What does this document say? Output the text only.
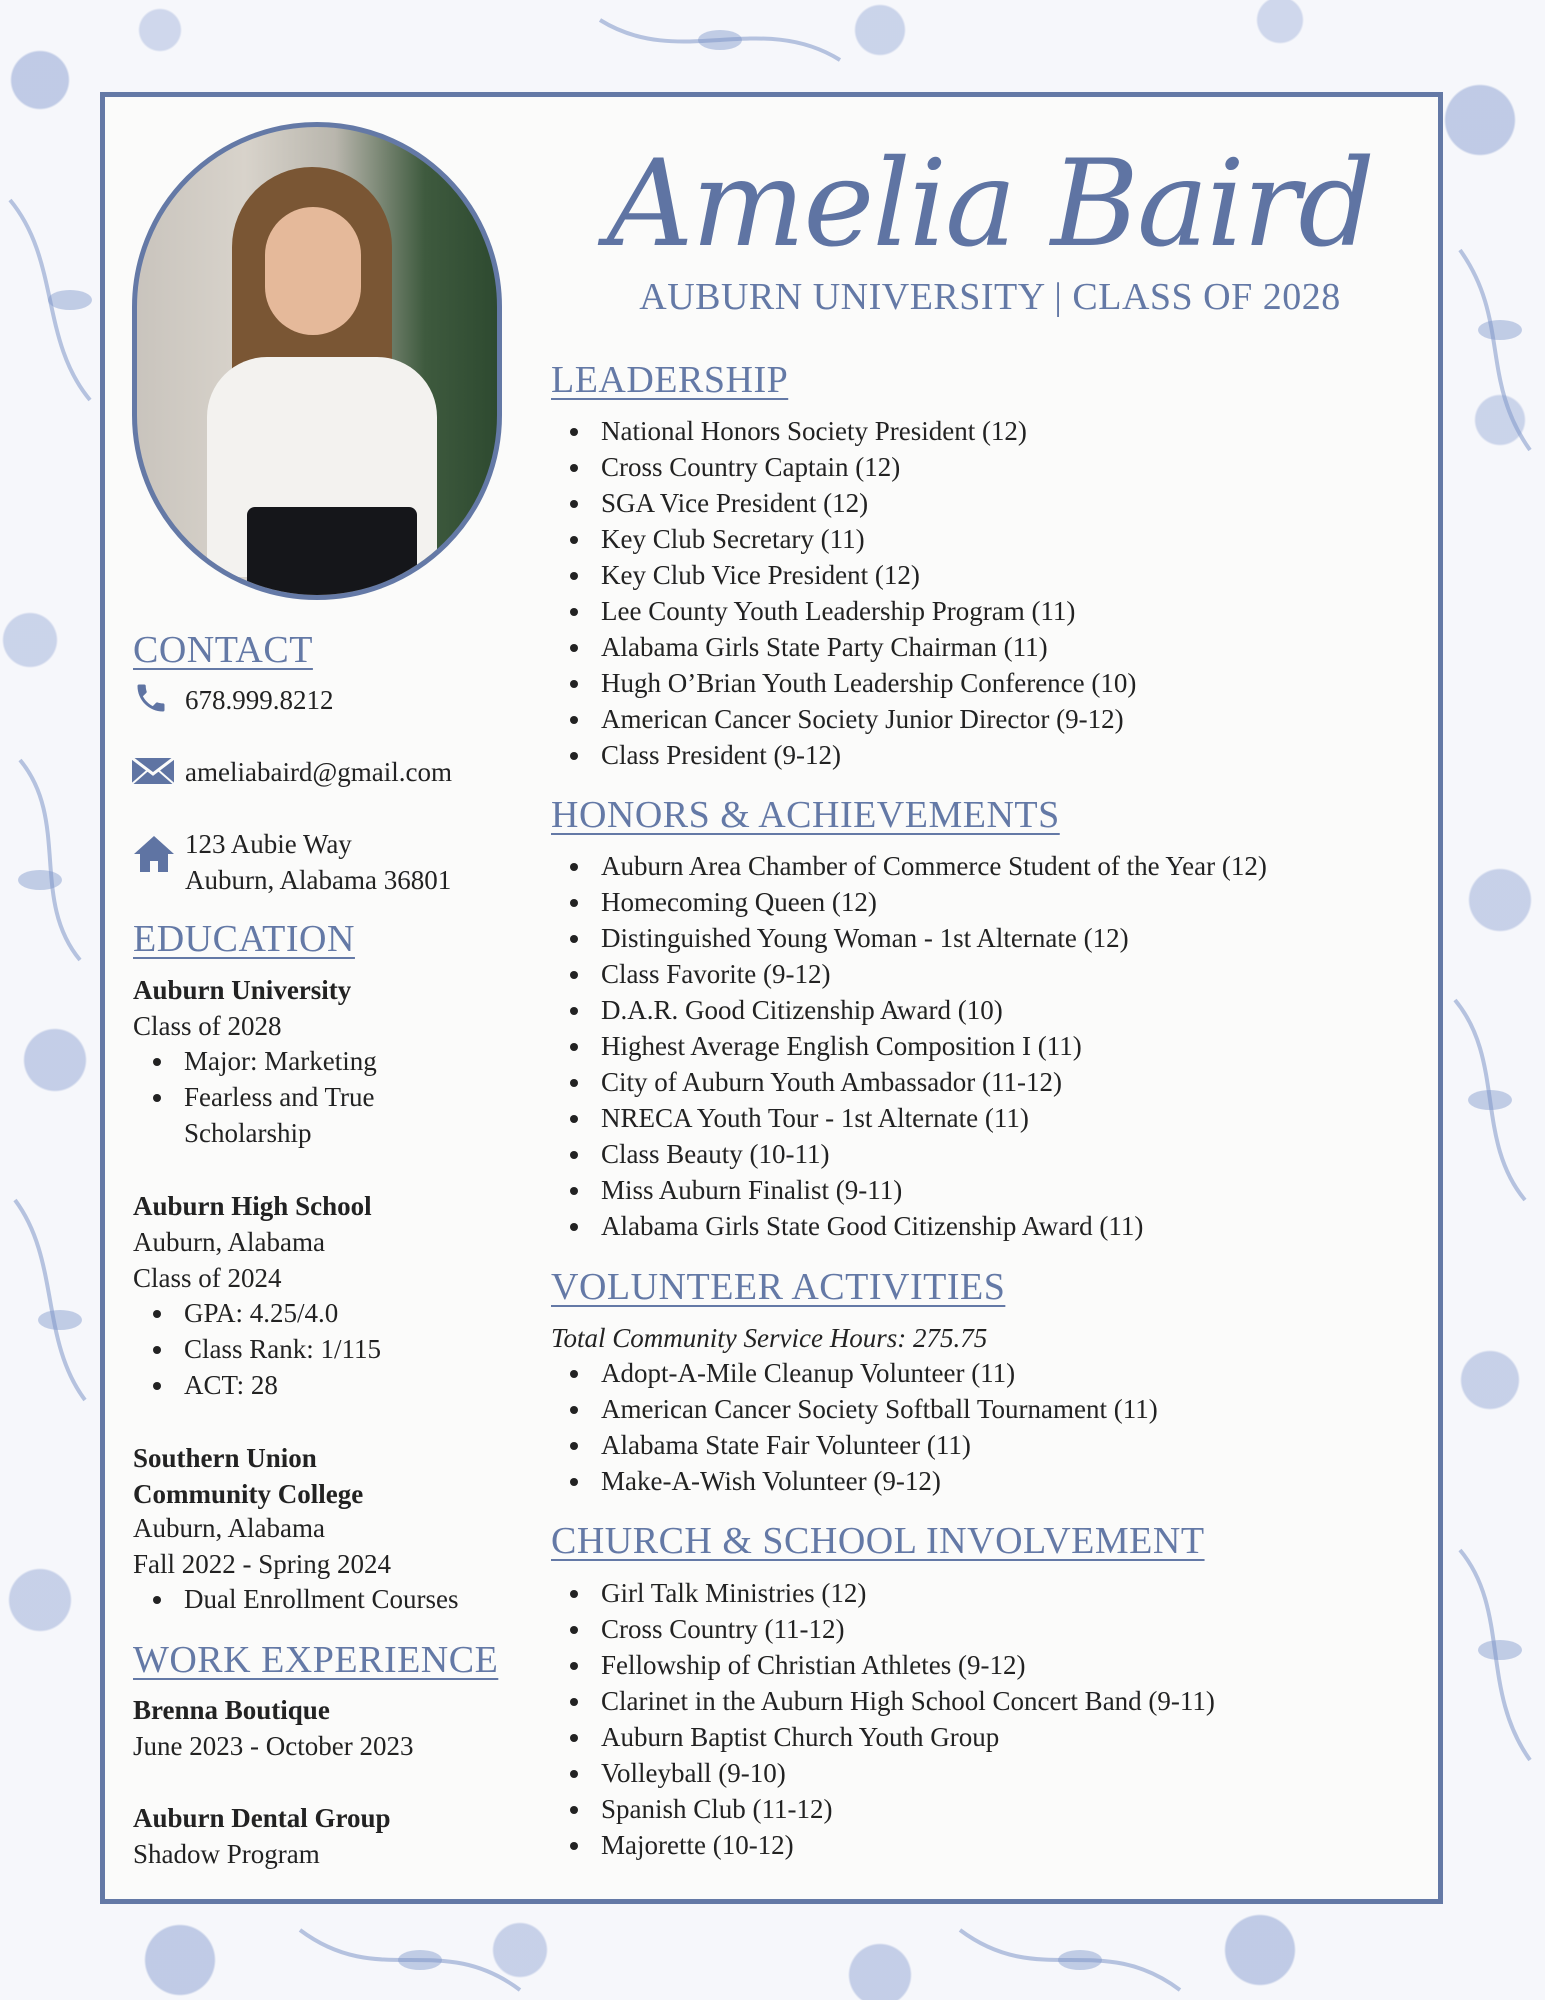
Amelia Baird
AUBURN UNIVERSITY | CLASS OF 2028
CONTACT
678.999.8212
ameliabaird@gmail.com
123 Aubie Way
Auburn, Alabama 36801
EDUCATION
Auburn University
Class of 2028
Major: Marketing
Fearless and True
Scholarship
Auburn High School
Auburn, Alabama
Class of 2024
GPA: 4.25/4.0
Class Rank: 1/115
ACT: 28
Southern Union
Community College
Auburn, Alabama
Fall 2022 - Spring 2024
Dual Enrollment Courses
WORK EXPERIENCE
Brenna Boutique
June 2023 - October 2023
Auburn Dental Group
Shadow Program
LEADERSHIP
National Honors Society President (12)
Cross Country Captain (12)
SGA Vice President (12)
Key Club Secretary (11)
Key Club Vice President (12)
Lee County Youth Leadership Program (11)
Alabama Girls State Party Chairman (11)
Hugh O’Brian Youth Leadership Conference (10)
American Cancer Society Junior Director (9-12)
Class President (9-12)
HONORS & ACHIEVEMENTS
Auburn Area Chamber of Commerce Student of the Year (12)
Homecoming Queen (12)
Distinguished Young Woman - 1st Alternate (12)
Class Favorite (9-12)
D.A.R. Good Citizenship Award (10)
Highest Average English Composition I (11)
City of Auburn Youth Ambassador (11-12)
NRECA Youth Tour - 1st Alternate (11)
Class Beauty (10-11)
Miss Auburn Finalist (9-11)
Alabama Girls State Good Citizenship Award (11)
VOLUNTEER ACTIVITIES
Total Community Service Hours: 275.75
Adopt-A-Mile Cleanup Volunteer (11)
American Cancer Society Softball Tournament (11)
Alabama State Fair Volunteer (11)
Make-A-Wish Volunteer (9-12)
CHURCH & SCHOOL INVOLVEMENT
Girl Talk Ministries (12)
Cross Country (11-12)
Fellowship of Christian Athletes (9-12)
Clarinet in the Auburn High School Concert Band (9-11)
Auburn Baptist Church Youth Group
Volleyball (9-10)
Spanish Club (11-12)
Majorette (10-12)
